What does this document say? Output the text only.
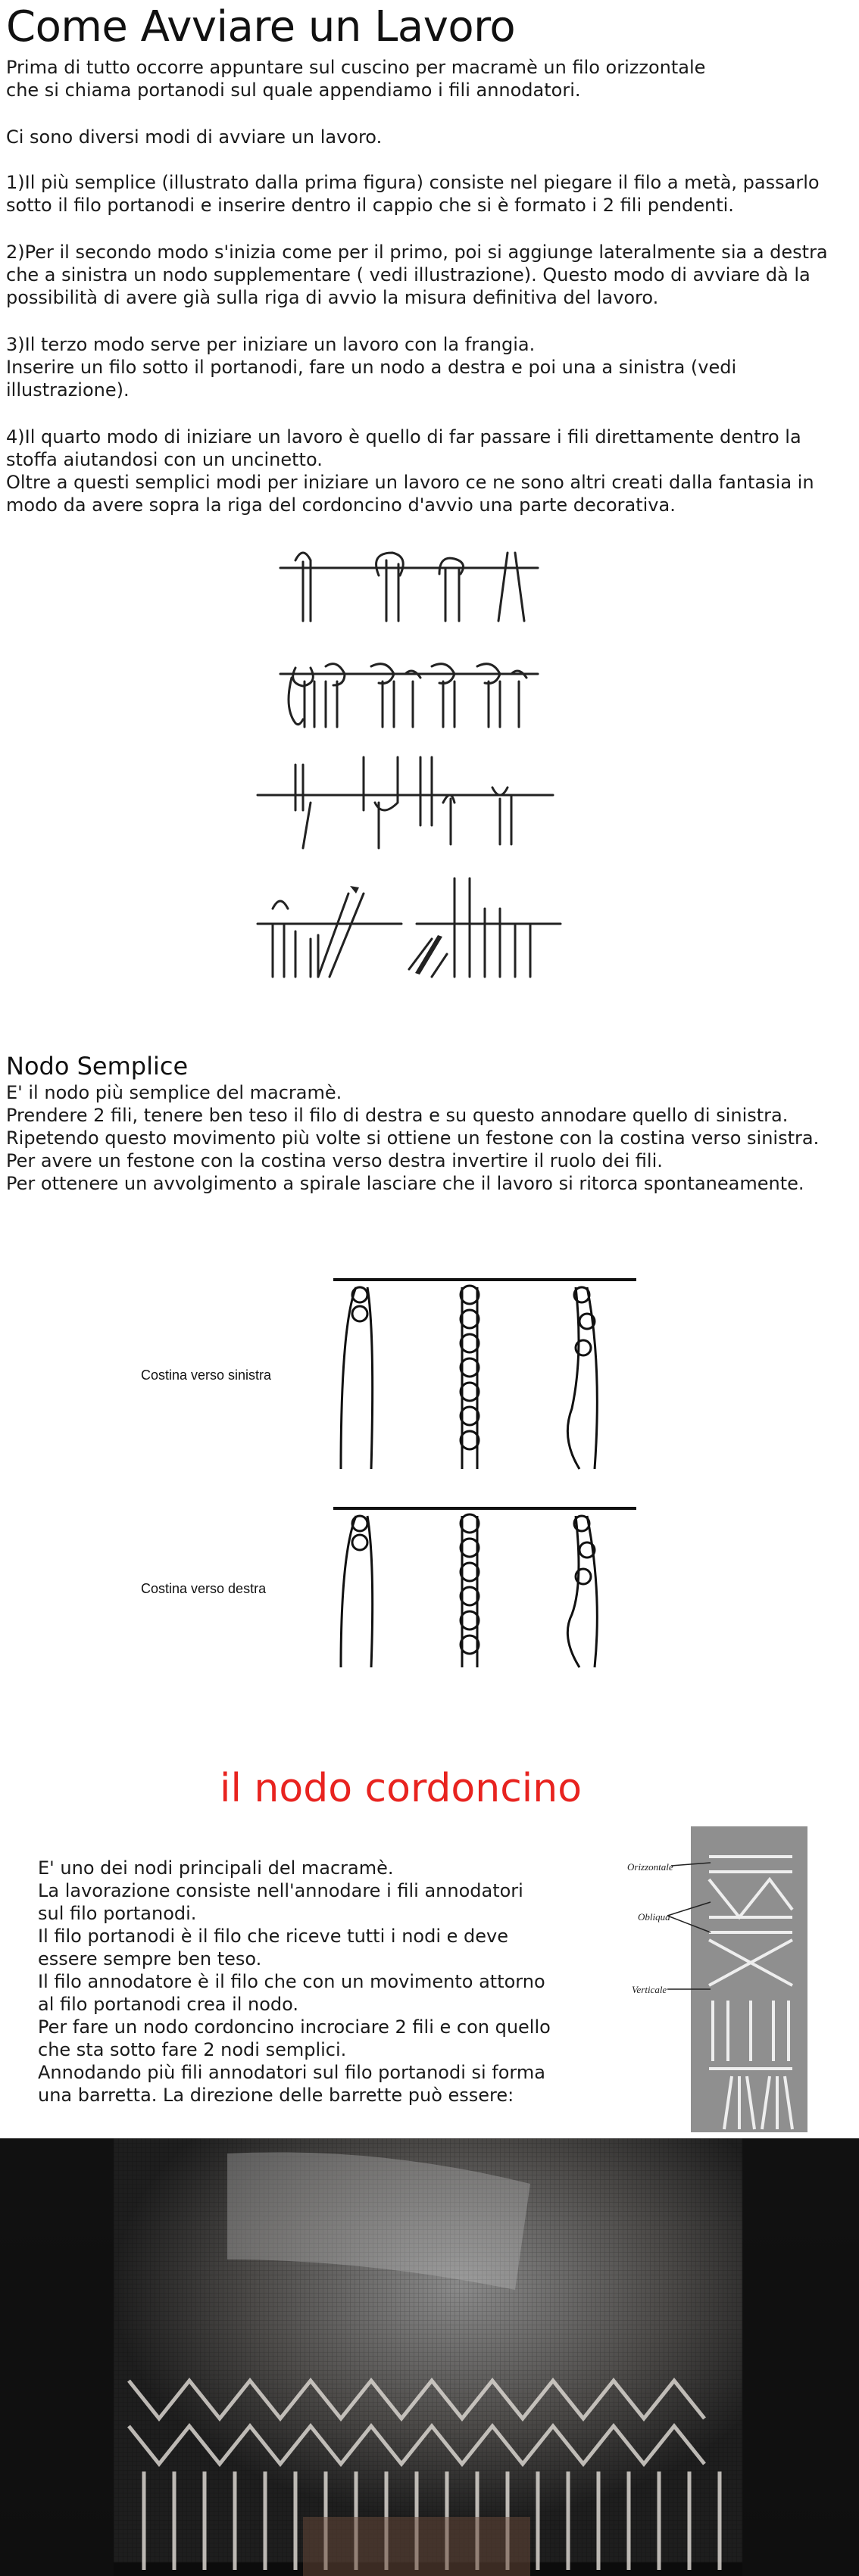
Come Avviare un Lavoro
Prima di tutto occorre appuntare sul cuscino per macramè un filo orizzontale
che si chiama portanodi sul quale appendiamo i fili annodatori.
Ci sono diversi modi di avviare un lavoro.
1)Il più semplice (illustrato dalla prima figura) consiste nel piegare il filo a metà, passarlo
sotto il filo portanodi e inserire dentro il cappio che si è formato i 2 fili pendenti.
2)Per il secondo modo s'inizia come per il primo, poi si aggiunge lateralmente sia a destra
che a sinistra un nodo supplementare ( vedi illustrazione). Questo modo di avviare dà la
possibilità di avere già sulla riga di avvio la misura definitiva del lavoro.
3)Il terzo modo serve per iniziare un lavoro con la frangia.
Inserire un filo sotto il portanodi, fare un nodo a destra e poi una a sinistra (vedi
illustrazione).
4)Il quarto modo di iniziare un lavoro è quello di far passare i fili direttamente dentro la
stoffa aiutandosi con un uncinetto.
Oltre a questi semplici modi per iniziare un lavoro ce ne sono altri creati dalla fantasia in
modo da avere sopra la riga del cordoncino d'avvio una parte decorativa.
Nodo Semplice
E' il nodo più semplice del macramè.
Prendere 2 fili, tenere ben teso il filo di destra e su questo annodare quello di sinistra.
Ripetendo questo movimento più volte si ottiene un festone con la costina verso sinistra.
Per avere un festone con la costina verso destra invertire il ruolo dei fili.
Per ottenere un avvolgimento a spirale lasciare che il lavoro si ritorca spontaneamente.
Costina verso sinistra
Costina verso destra
il nodo cordoncino
E' uno dei nodi principali del macramè.
La lavorazione consiste nell'annodare i fili annodatori
sul filo portanodi.
Il filo portanodi è il filo che riceve tutti i nodi e deve
essere sempre ben teso.
Il filo annodatore è il filo che con un movimento attorno
al filo portanodi crea il nodo.
Per fare un nodo cordoncino incrociare 2 fili e con quello
che sta sotto fare 2 nodi semplici.
Annodando più fili annodatori sul filo portanodi si forma
una barretta. La direzione delle barrette può essere:
Orizzontale
Obliqua
Verticale
